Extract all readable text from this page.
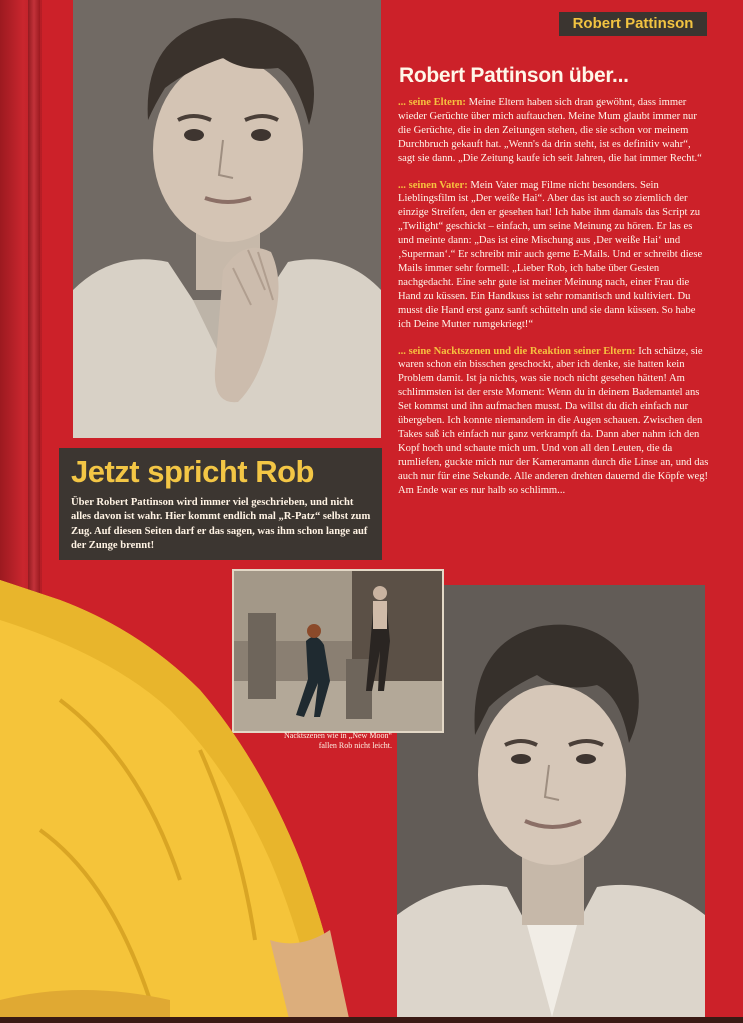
Robert Pattinson
Robert Pattinson über...

... seine Eltern: Meine Eltern haben sich dran gewöhnt, dass immer wieder Gerüchte über mich auftauchen. Meine Mum glaubt immer nur die Gerüchte, die in den Zeitungen stehen, die sie schon vor meinem Durchbruch gekauft hat. „Wenn's da drin steht, ist es definitiv wahr“, sagt sie dann. „Die Zeitung kaufe ich seit Jahren, die hat immer Recht.“

... seinen Vater: Mein Vater mag Filme nicht besonders. Sein Lieblingsfilm ist „Der weiße Hai“. Aber das ist auch so ziemlich der einzige Streifen, den er gesehen hat! Ich habe ihm damals das Script zu „Twilight“ geschickt – einfach, um seine Meinung zu hören. Er las es und meinte dann: „Das ist eine Mischung aus ‚Der weiße Hai‘ und ‚Superman‘.“ Er schreibt mir auch gerne E-Mails. Und er schreibt diese Mails immer sehr formell: „Lieber Rob, ich habe über Gesten nachgedacht. Eine sehr gute ist meiner Meinung nach, einer Frau die Hand zu küssen. Ein Handkuss ist sehr romantisch und kultiviert. Du musst die Hand erst ganz sanft schütteln und sie dann küssen. So habe ich Deine Mutter rumgekriegt!“

... seine Nacktszenen und die Reaktion seiner Eltern: Ich schätze, sie waren schon ein bisschen geschockt, aber ich denke, sie hatten kein Problem damit. Ist ja nichts, was sie noch nicht gesehen hätten! Am schlimmsten ist der erste Moment: Wenn du in deinem Bademantel ans Set kommst und ihn aufmachen musst. Da willst du dich einfach nur übergeben. Ich konnte niemandem in die Augen schauen. Zwischen den Takes saß ich einfach nur ganz verkrampft da. Dann aber nahm ich den Kopf hoch und schaute mich um. Und von all den Leuten, die da rumliefen, guckte mich nur der Kameramann durch die Linse an, und das auch nur für eine Sekunde. Alle anderen drehten dauernd die Köpfe weg! Am Ende war es nur halb so schlimm...

Jetzt spricht Rob
Über Robert Pattinson wird immer viel geschrieben, und nicht alles davon ist wahr. Hier kommt endlich mal „R-Patz“ selbst zum Zug. Auf diesen Seiten darf er das sagen, was ihm schon lange auf der Zunge brennt!
Nacktszenen wie in „New Moon“
fallen Rob nicht leicht.
